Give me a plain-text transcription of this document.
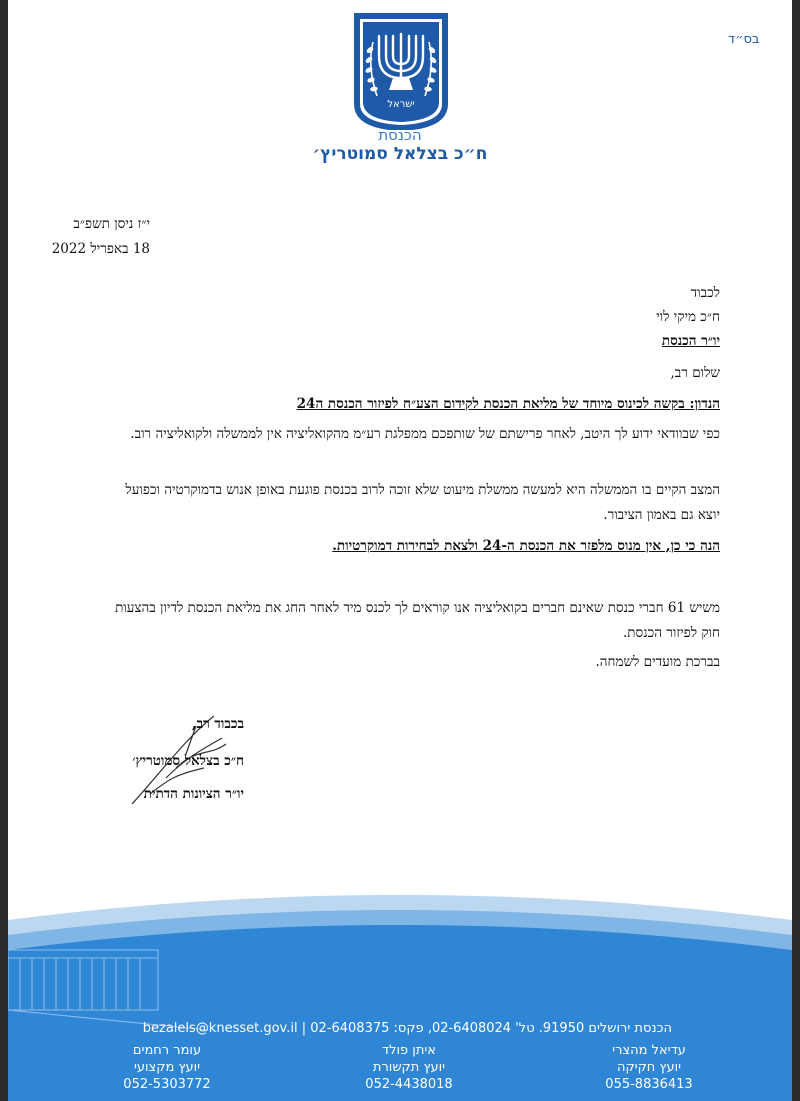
בס״ד
ישראל
הכנסת
ח״כ בצלאל סמוטריץ׳
י״ז ניסן תשפ״ב
18 באפריל 2022
לכבוד
ח״כ מיקי לוי
יו״ר הכנסת
שלום רב,
הנדון: בקשה לכינוס מיוחד של מליאת הכנסת לקידום הצע״ח לפיזור הכנסת ה24
כפי שבוודאי ידוע לך היטב, לאחר פרישתם של שותפכם ממפלגת רע״מ מהקואליציה אין לממשלה ולקואליציה רוב.
המצב הקיים בו הממשלה היא למעשה ממשלת מיעוט שלא זוכה לרוב בכנסת פוגעת באופן אנוש בדמוקרטיה וכפועל יוצא גם באמון הציבור.
הנה כי כן, אין מנוס מלפזר את הכנסת ה-24 ולצאת לבחירות דמוקרטיות.
משיש 61 חברי כנסת שאינם חברים בקואליציה אנו קוראים לך לכנס מיד לאחר החג את מליאת הכנסת לדיון בהצעות חוק לפיזור הכנסת.
בברכת מועדים לשמחה.
בכבוד רב,
ח״כ בצלאל סמוטריץ׳
יו״ר הציונות הדתית
הכנסת ירושלים 91950. טל' 02-6408024, פקס: 02-6408375 | bezalels@knesset.gov.il
עדיאל מהצרי
יועץ חקיקה
055-8836413
איתן פולד
יועץ תקשורת
052-4438018
עומר רחמים
יועץ מקצועי
052-5303772
